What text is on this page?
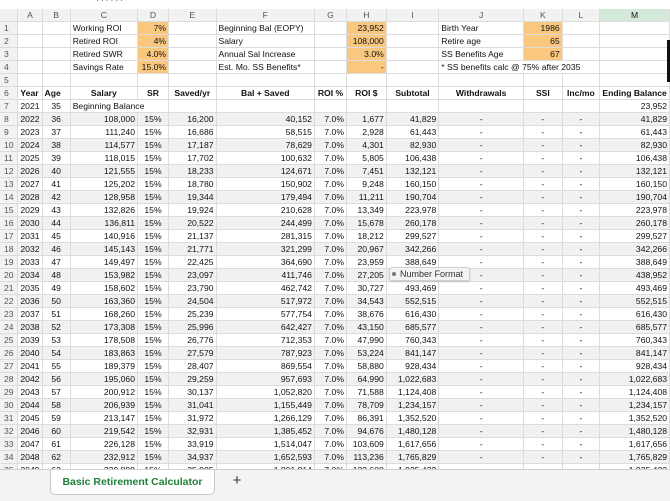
· · · · · ·
	A	B	C	D	E	F	G	H	I	J	K	L	M
1			Working ROI	7%		Beginning Bal (EOPY)		23,952		Birth Year	1986		
2			Retired ROI	4%		Salary		108,000		Retire age	65		
3			Retired SWR	4.0%		Annual Sal Increase		3.0%		SS Benefits Age	67		
4			Savings Rate	15.0%		Est. Mo. SS Benefits*		-		* SS benefits calc @ 75% after 2035			
5													
6	Year	Age	Salary	SR	Saved/yr	Bal + Saved	ROI %	ROI $	Subtotal	Withdrawals	SSI	Inc/mo	Ending Balance
7	2021	35	Beginning Balance										23,952
8	2022	36	108,000	15%	16,200	40,152	7.0%	1,677	41,829	-	-	-	41,829
9	2023	37	111,240	15%	16,686	58,515	7.0%	2,928	61,443	-	-	-	61,443
10	2024	38	114,577	15%	17,187	78,629	7.0%	4,301	82,930	-	-	-	82,930
11	2025	39	118,015	15%	17,702	100,632	7.0%	5,805	106,438	-	-	-	106,438
12	2026	40	121,555	15%	18,233	124,671	7.0%	7,451	132,121	-	-	-	132,121
13	2027	41	125,202	15%	18,780	150,902	7.0%	9,248	160,150	-	-	-	160,150
14	2028	42	128,958	15%	19,344	179,494	7.0%	11,211	190,704	-	-	-	190,704
15	2029	43	132,826	15%	19,924	210,628	7.0%	13,349	223,978	-	-	-	223,978
16	2030	44	136,811	15%	20,522	244,499	7.0%	15,678	260,178	-	-	-	260,178
17	2031	45	140,916	15%	21,137	281,315	7.0%	18,212	299,527	-	-	-	299,527
18	2032	46	145,143	15%	21,771	321,299	7.0%	20,967	342,266	-	-	-	342,266
19	2033	47	149,497	15%	22,425	364,690	7.0%	23,959	388,649	-	-	-	388,649
20	2034	48	153,982	15%	23,097	411,746	7.0%	27,205		-	-	-	438,952
21	2035	49	158,602	15%	23,790	462,742	7.0%	30,727	493,469	-	-	-	493,469
22	2036	50	163,360	15%	24,504	517,972	7.0%	34,543	552,515	-	-	-	552,515
23	2037	51	168,260	15%	25,239	577,754	7.0%	38,676	616,430	-	-	-	616,430
24	2038	52	173,308	15%	25,996	642,427	7.0%	43,150	685,577	-	-	-	685,577
25	2039	53	178,508	15%	26,776	712,353	7.0%	47,990	760,343	-	-	-	760,343
26	2040	54	183,863	15%	27,579	787,923	7.0%	53,224	841,147	-	-	-	841,147
27	2041	55	189,379	15%	28,407	869,554	7.0%	58,880	928,434	-	-	-	928,434
28	2042	56	195,060	15%	29,259	957,693	7.0%	64,990	1,022,683	-	-	-	1,022,683
29	2043	57	200,912	15%	30,137	1,052,820	7.0%	71,588	1,124,408	-	-	-	1,124,408
30	2044	58	206,939	15%	31,041	1,155,449	7.0%	78,709	1,234,157	-	-	-	1,234,157
31	2045	59	213,147	15%	31,972	1,266,129	7.0%	86,391	1,352,520	-	-	-	1,352,520
32	2046	60	219,542	15%	32,931	1,385,452	7.0%	94,676	1,480,128	-	-	-	1,480,128
33	2047	61	226,128	15%	33,919	1,514,047	7.0%	103,609	1,617,656	-	-	-	1,617,656
34	2048	62	232,912	15%	34,937	1,652,593	7.0%	113,236	1,765,829	-	-	-	1,765,829

Number Format
Basic Retirement Calculator	+
